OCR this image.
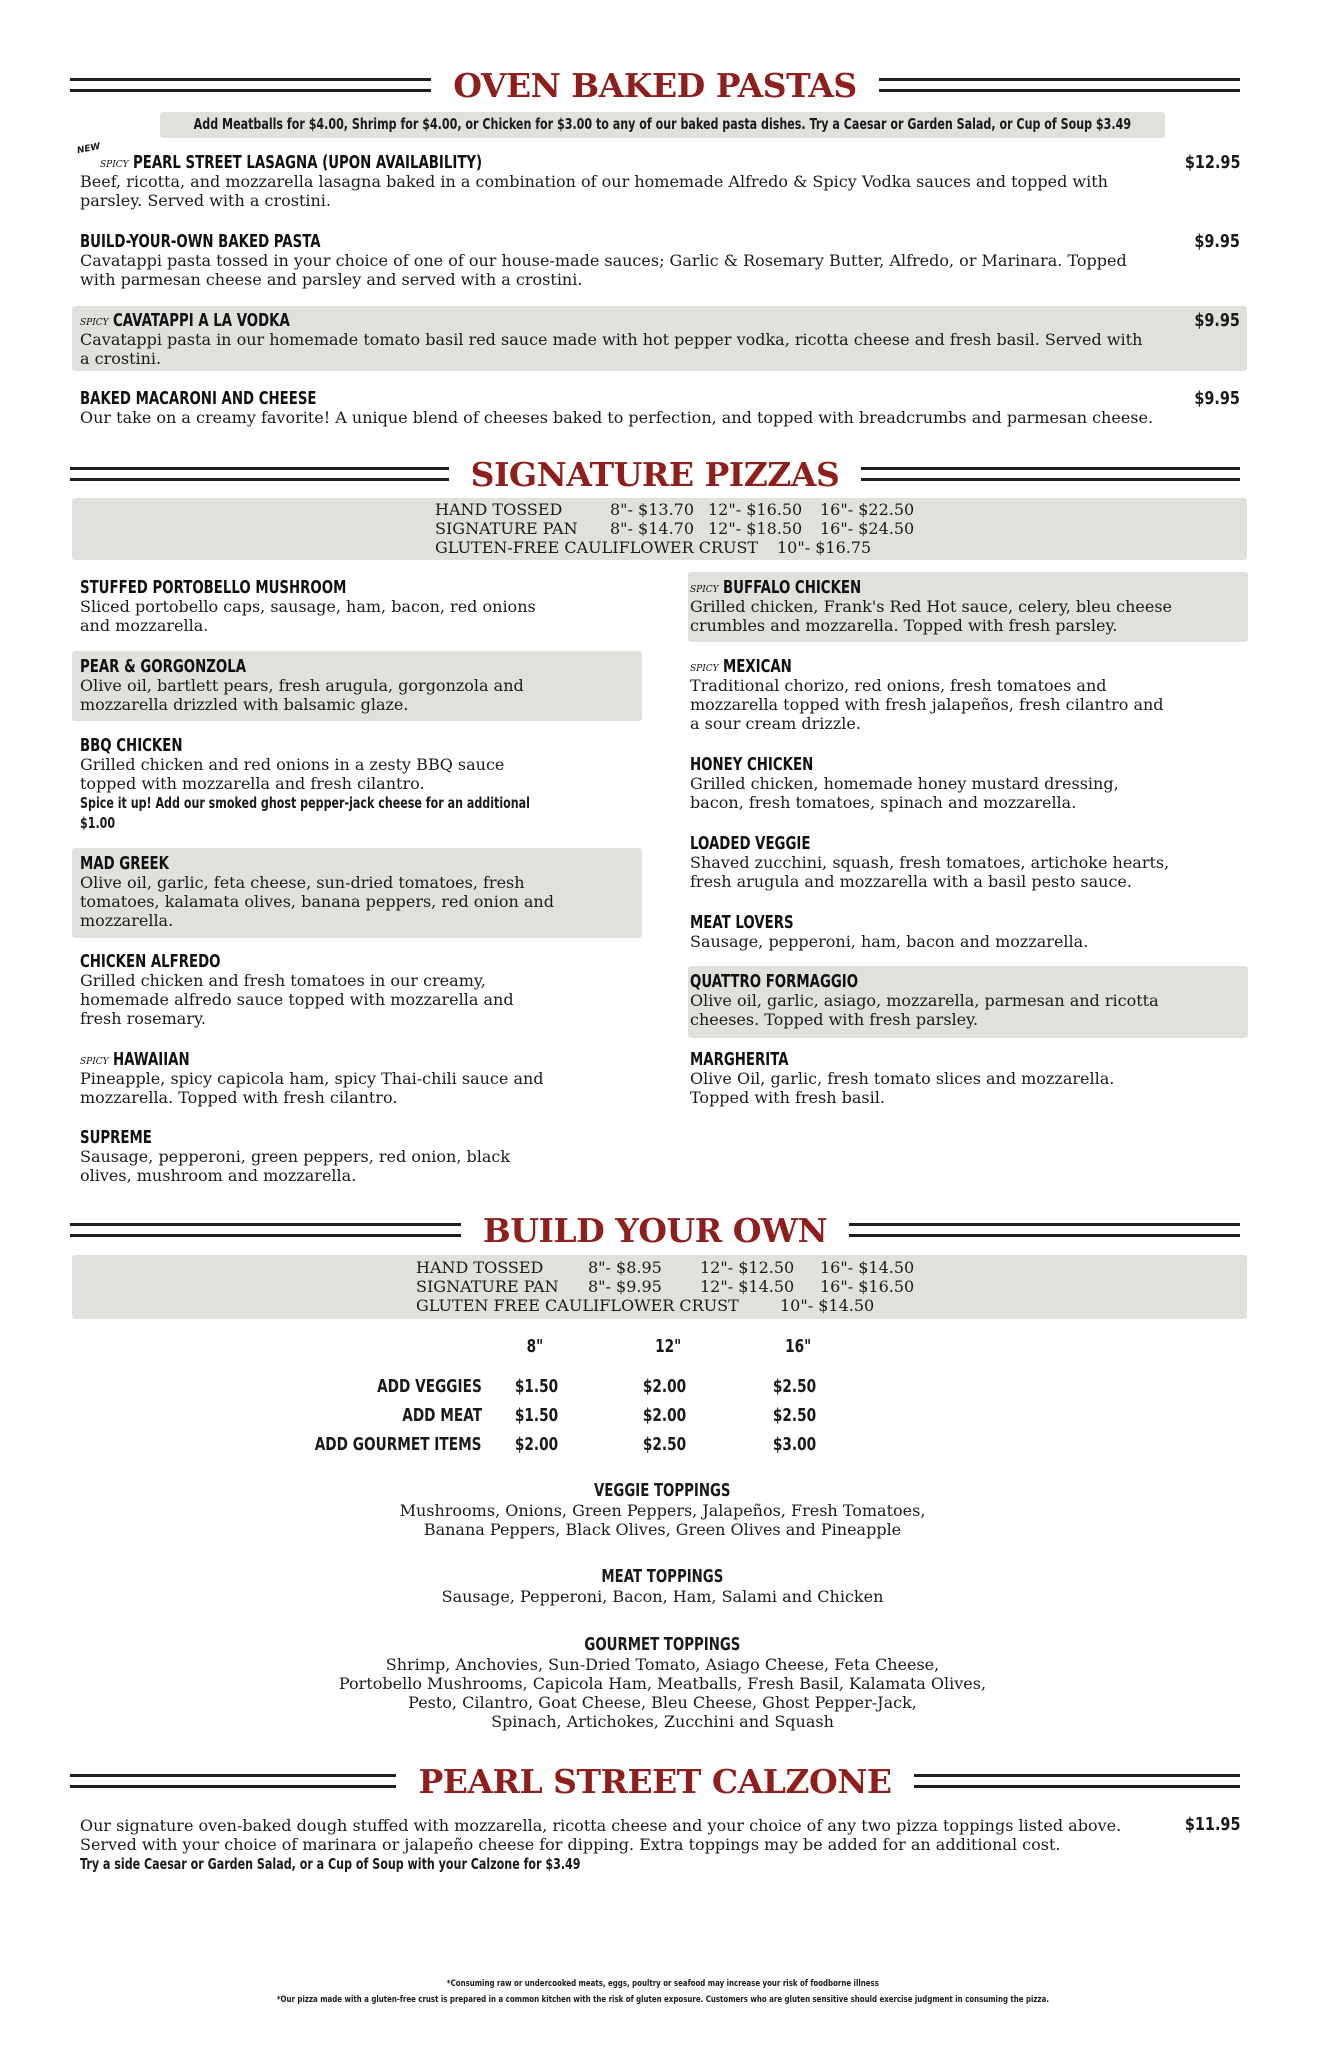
OVEN BAKED PASTAS
Add Meatballs for $4.00, Shrimp for $4.00, or Chicken for $3.00 to any of our baked pasta dishes. Try a Caesar or Garden Salad, or Cup of Soup $3.49
NEW
SPICY PEARL STREET LASAGNA (UPON AVAILABILITY)
Beef, ricotta, and mozzarella lasagna baked in a combination of our homemade Alfredo & Spicy Vodka sauces and topped with
parsley. Served with a crostini.
$12.95
BUILD-YOUR-OWN BAKED PASTA
Cavatappi pasta tossed in your choice of one of our house-made sauces; Garlic & Rosemary Butter, Alfredo, or Marinara. Topped
with parmesan cheese and parsley and served with a crostini.
$9.95
SPICY CAVATAPPI A LA VODKA
Cavatappi pasta in our homemade tomato basil red sauce made with hot pepper vodka, ricotta cheese and fresh basil. Served with
a crostini.
$9.95
BAKED MACARONI AND CHEESE
Our take on a creamy favorite! A unique blend of cheeses baked to perfection, and topped with breadcrumbs and parmesan cheese.
$9.95
SIGNATURE PIZZAS
HAND TOSSED	8"- $13.70 12"- $16.50	16"- $22.50
SIGNATURE PAN	8"- $14.70 12"- $18.50	16"- $24.50
GLUTEN-FREE CAULIFLOWER CRUST	10"- $16.75
STUFFED PORTOBELLO MUSHROOM
Sliced portobello caps, sausage, ham, bacon, red onions
and mozzarella.
PEAR & GORGONZOLA
Olive oil, bartlett pears, fresh arugula, gorgonzola and
mozzarella drizzled with balsamic glaze.
BBQ CHICKEN
Grilled chicken and red onions in a zesty BBQ sauce
topped with mozzarella and fresh cilantro.
Spice it up! Add our smoked ghost pepper-jack cheese for an additional
$1.00
MAD GREEK
Olive oil, garlic, feta cheese, sun-dried tomatoes, fresh
tomatoes, kalamata olives, banana peppers, red onion and
mozzarella.
CHICKEN ALFREDO
Grilled chicken and fresh tomatoes in our creamy,
homemade alfredo sauce topped with mozzarella and
fresh rosemary.
SPICY HAWAIIAN
Pineapple, spicy capicola ham, spicy Thai-chili sauce and
mozzarella. Topped with fresh cilantro.
SUPREME
Sausage, pepperoni, green peppers, red onion, black
olives, mushroom and mozzarella.
SPICY BUFFALO CHICKEN
Grilled chicken, Frank's Red Hot sauce, celery, bleu cheese
crumbles and mozzarella. Topped with fresh parsley.
SPICY MEXICAN
Traditional chorizo, red onions, fresh tomatoes and
mozzarella topped with fresh jalapeños, fresh cilantro and
a sour cream drizzle.
HONEY CHICKEN
Grilled chicken, homemade honey mustard dressing,
bacon, fresh tomatoes, spinach and mozzarella.
LOADED VEGGIE
Shaved zucchini, squash, fresh tomatoes, artichoke hearts,
fresh arugula and mozzarella with a basil pesto sauce.
MEAT LOVERS
Sausage, pepperoni, ham, bacon and mozzarella.
QUATTRO FORMAGGIO
Olive oil, garlic, asiago, mozzarella, parmesan and ricotta
cheeses. Topped with fresh parsley.
MARGHERITA
Olive Oil, garlic, fresh tomato slices and mozzarella.
Topped with fresh basil.
BUILD YOUR OWN
HAND TOSSED	8"- $8.95	12"- $12.50	16"- $14.50
SIGNATURE PAN	8"- $9.95	12"- $14.50	16"- $16.50
GLUTEN FREE CAULIFLOWER CRUST	10"- $14.50
8"	12"	16"
ADD VEGGIES $1.50	$2.00	$2.50
ADD MEAT $1.50	$2.00	$2.50
ADD GOURMET ITEMS $2.00	$2.50	$3.00
VEGGIE TOPPINGS
Mushrooms, Onions, Green Peppers, Jalapeños, Fresh Tomatoes,
Banana Peppers, Black Olives, Green Olives and Pineapple
MEAT TOPPINGS
Sausage, Pepperoni, Bacon, Ham, Salami and Chicken
GOURMET TOPPINGS
Shrimp, Anchovies, Sun-Dried Tomato, Asiago Cheese, Feta Cheese,
Portobello Mushrooms, Capicola Ham, Meatballs, Fresh Basil, Kalamata Olives,
Pesto, Cilantro, Goat Cheese, Bleu Cheese, Ghost Pepper-Jack,
Spinach, Artichokes, Zucchini and Squash
PEARL STREET CALZONE
Our signature oven-baked dough stuffed with mozzarella, ricotta cheese and your choice of any two pizza toppings listed above.
Served with your choice of marinara or jalapeño cheese for dipping. Extra toppings may be added for an additional cost.
Try a side Caesar or Garden Salad, or a Cup of Soup with your Calzone for $3.49
$11.95
*Consuming raw or undercooked meats, eggs, poultry or seafood may increase your risk of foodborne illness
*Our pizza made with a gluten-free crust is prepared in a common kitchen with the risk of gluten exposure. Customers who are gluten sensitive should exercise judgment in consuming the pizza.
